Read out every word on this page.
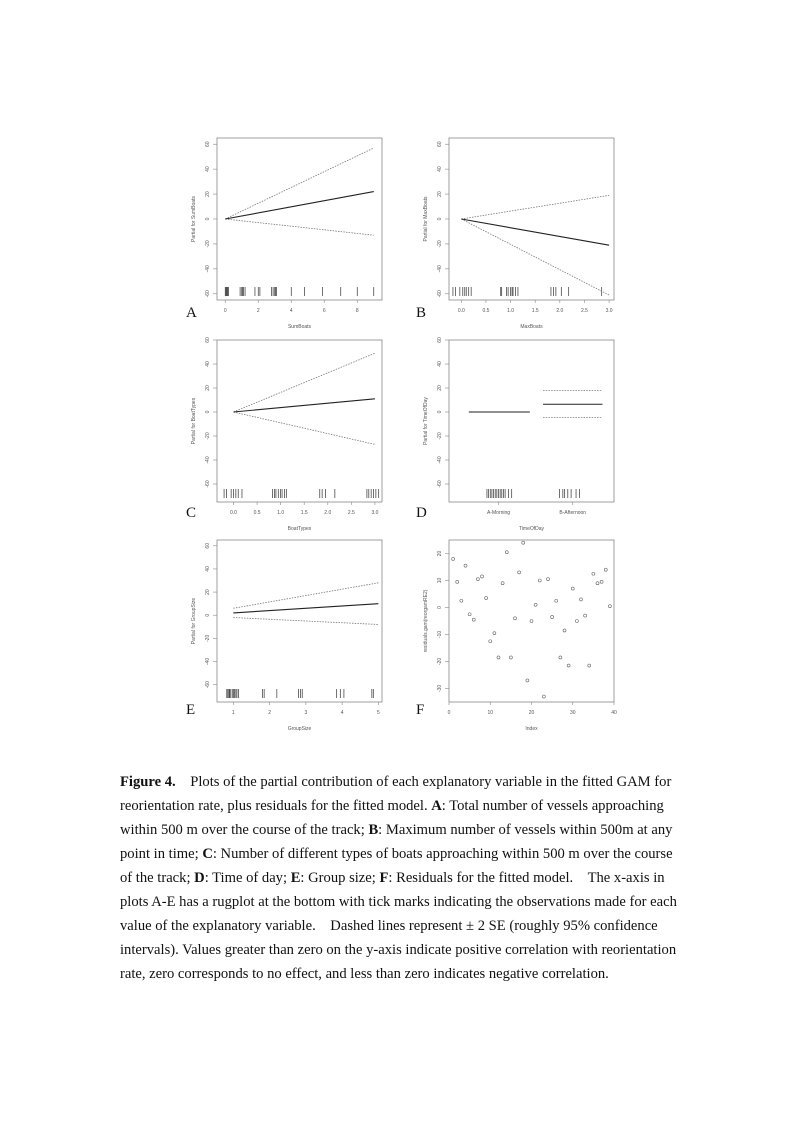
-60
-40
-20
0
20
40
60
Partial for SumBoats
0	2	4	6	8
SumBoats
-60
-40
-20
0
20
40
60
Partial for MaxBoats
0.0	0.5	1.0	1.5	2.0	2.5	3.0
MaxBoats
-60
-40
-20
0
20
40
60
Partial for BoatTypes
0.0	0.5	1.0	1.5	2.0	2.5	3.0
BoatTypes
-60
-40
-20
0
20
40
60
Partial for TimeOfDay
A-Morning	B-Afternoon
TimeOfDay
-60
-40
-20
0
20
40
60
Partial for GroupSize
1	2	3	4	5
GroupSize
-30
-20
-10
0
10
20
residuals.gam(reorgamRE2)
0	10	20	30	40
Index
A	B
C	D
E	F
Figure 4. Plots of the partial contribution of each explanatory variable in the fitted GAM for reorientation rate, plus residuals for the fitted model. A: Total number of vessels approaching within 500 m over the course of the track; B: Maximum number of vessels within 500m at any point in time; C: Number of different types of boats approaching within 500 m over the course of the track; D: Time of day; E: Group size; F: Residuals for the fitted model. The x-axis in plots A-E has a rugplot at the bottom with tick marks indicating the observations made for each value of the explanatory variable.    Dashed lines represent ± 2 SE (roughly 95% confidence intervals). Values greater than zero on the y-axis indicate positive correlation with reorientation rate, zero corresponds to no effect, and less than zero indicates negative correlation.
